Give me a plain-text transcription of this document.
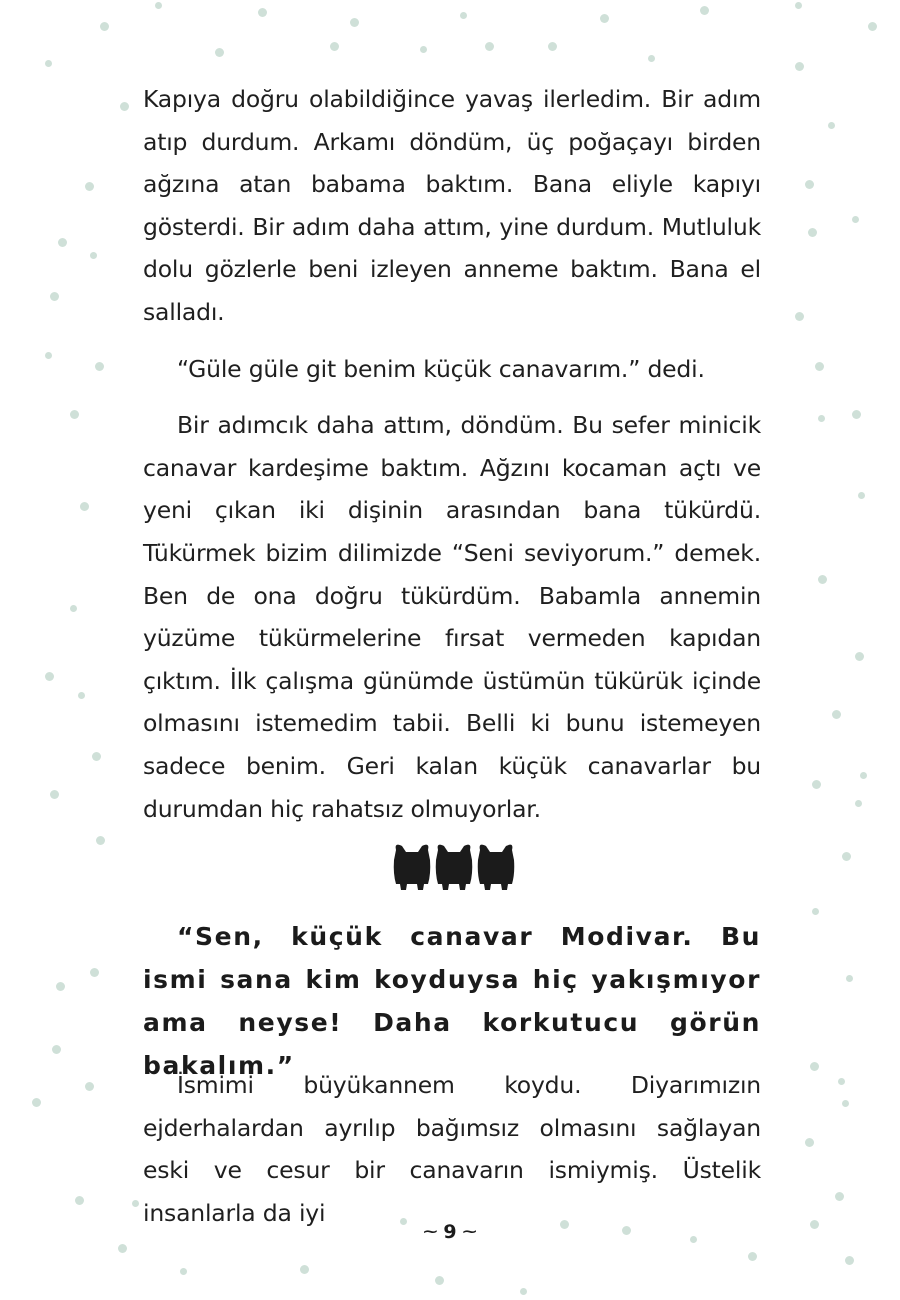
Kapıya doğru olabildiğince yavaş ilerledim. Bir adım atıp durdum. Arkamı döndüm, üç poğaçayı birden ağzına atan babama baktım. Bana eliyle kapıyı gösterdi. Bir adım daha attım, yine durdum. Mutluluk dolu gözlerle beni izleyen anneme baktım. Bana el salladı.

“Güle güle git benim küçük canavarım.” dedi.

Bir adımcık daha attım, döndüm. Bu sefer minicik canavar kardeşime baktım. Ağzını kocaman açtı ve yeni çıkan iki dişinin arasından bana tükürdü. Tükürmek bizim dilimizde “Seni seviyorum.” demek. Ben de ona doğru tükürdüm. Babamla annemin yüzüme tükürmelerine fırsat vermeden kapıdan çıktım. İlk çalışma günümde üstümün tükürük içinde olmasını istemedim tabii. Belli ki bunu istemeyen sadece benim. Geri kalan küçük canavarlar bu durumdan hiç rahatsız olmuyorlar.

“Sen, küçük canavar Modivar. Bu ismi sana kim koyduysa hiç yakışmıyor ama neyse! Daha korkutucu görün bakalım.”

İsmimi büyükannem koydu. Diyarımızın ejderhalardan ayrılıp bağımsız olmasını sağlayan eski ve cesur bir canavarın ismiymiş. Üstelik insanlarla da iyi

⁓ 9 ⁓
